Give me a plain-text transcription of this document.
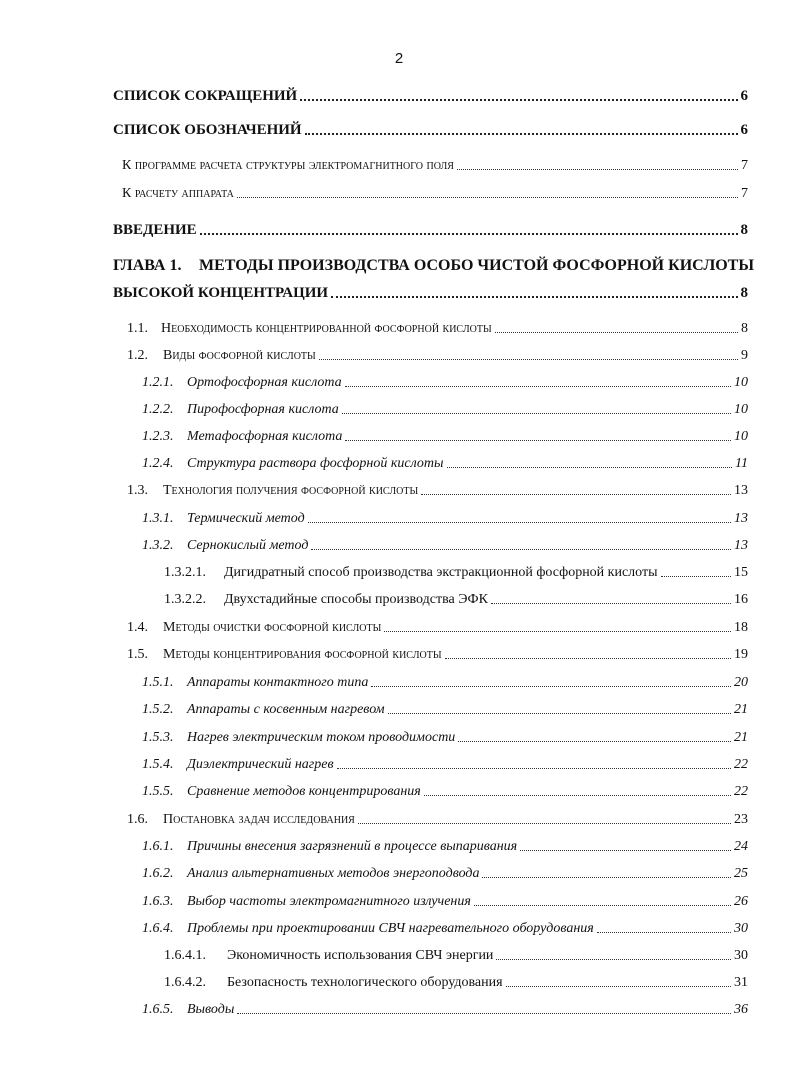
2
СПИСОК СОКРАЩЕНИЙ	6
СПИСОК ОБОЗНАЧЕНИЙ	6
К программе расчета структуры электромагнитного поля	7
К расчету аппарата	7
ВВЕДЕНИЕ	8
ГЛАВА 1.	МЕТОДЫ ПРОИЗВОДСТВА ОСОБО ЧИСТОЙ ФОСФОРНОЙ КИСЛОТЫ
ВЫСОКОЙ КОНЦЕНТРАЦИИ	8
1.1. Необходимость концентрированной фосфорной кислоты	8
1.2.	Виды фосфорной кислоты	9
1.2.1. Ортофосфорная кислота	10
1.2.2. Пирофосфорная кислота	10
1.2.3. Метафосфорная кислота	10
1.2.4. Структура раствора фосфорной кислоты	11
1.3.	Технология получения фосфорной кислоты	13
1.3.1. Термический метод	13
1.3.2. Сернокислый метод	13
1.3.2.1.	Дигидратный способ производства экстракционной фосфорной кислоты	15
1.3.2.2.	Двухстадийные способы производства ЭФК	16
1.4.	Методы очистки фосфорной кислоты	18
1.5.	Методы концентрирования фосфорной кислоты	19
1.5.1. Аппараты контактного типа	20
1.5.2. Аппараты с косвенным нагревом	21
1.5.3. Нагрев электрическим током проводимости	21
1.5.4. Диэлектрический нагрев	22
1.5.5. Сравнение методов концентрирования	22
1.6.	Постановка задач исследования	23
1.6.1. Причины внесения загрязнений в процессе выпаривания	24
1.6.2. Анализ альтернативных методов энергоподвода	25
1.6.3. Выбор частоты электромагнитного излучения	26
1.6.4. Проблемы при проектировании СВЧ нагревательного оборудования	30
1.6.4.1.	Экономичность использования СВЧ энергии	30
1.6.4.2.	Безопасность технологического оборудования	31
1.6.5. Выводы	36
